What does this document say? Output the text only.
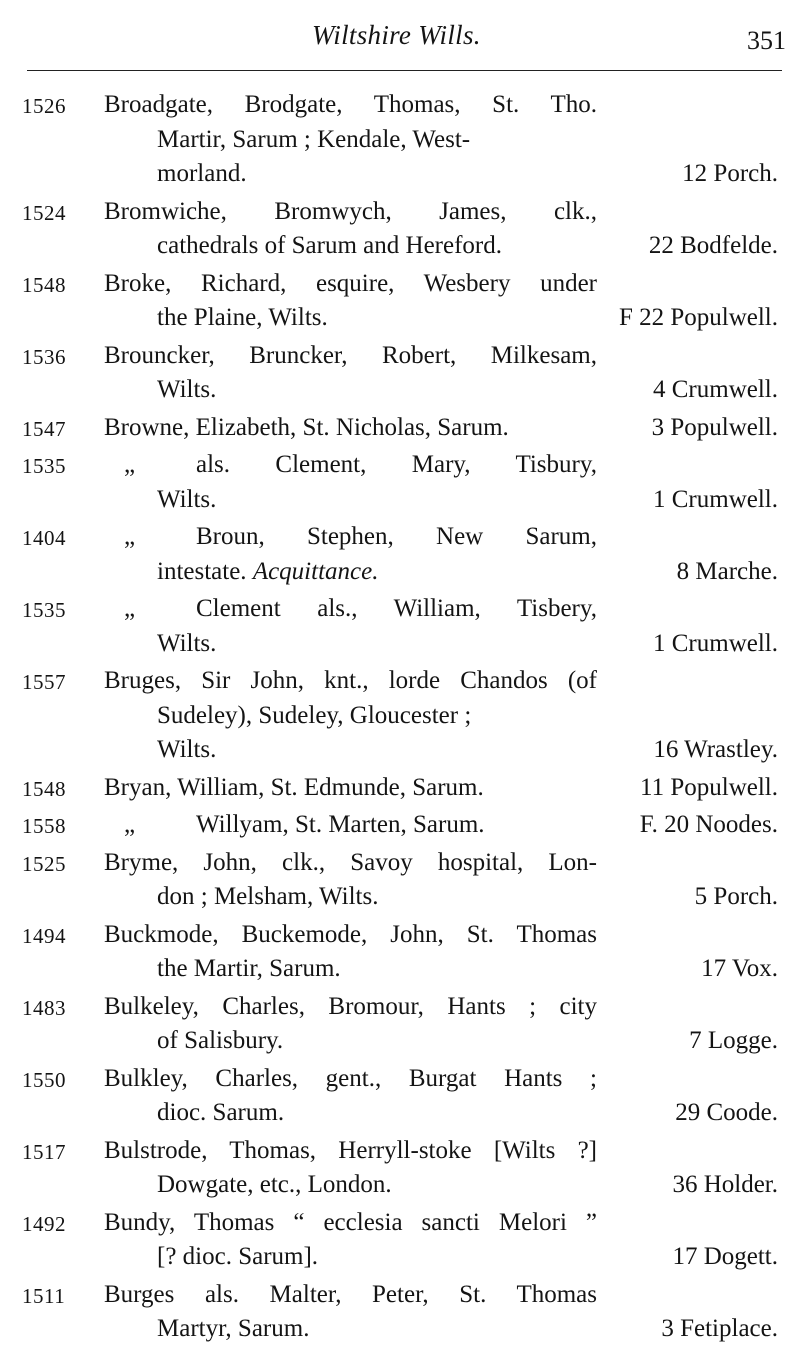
Wiltshire Wills.	351
1526 Broadgate, Brodgate, Thomas, St. Tho.
Martir, Sarum ; Kendale, West-
morland.	12 Porch.
1524 Bromwiche, Bromwych, James, clk.,
cathedrals of Sarum and Hereford.	22 Bodfelde.
1548 Broke, Richard, esquire, Wesbery under
the Plaine, Wilts.	F 22 Populwell.
1536 Brouncker, Bruncker, Robert, Milkesam,
Wilts.	4 Crumwell.
1547 Browne, Elizabeth, St. Nicholas, Sarum.	3 Populwell.
1535	„ als. Clement, Mary, Tisbury,
Wilts.	1 Crumwell.
1404	„ Broun, Stephen, New Sarum,
intestate. Acquittance.	8 Marche.
1535	„ Clement als., William, Tisbery,
Wilts.	1 Crumwell.
1557 Bruges, Sir John, knt., lorde Chandos (of
Sudeley), Sudeley, Gloucester ;
Wilts.	16 Wrastley.
1548 Bryan, William, St. Edmunde, Sarum.	11 Populwell.
1558	„ Willyam, St. Marten, Sarum.	F. 20 Noodes.
1525 Bryme, John, clk., Savoy hospital, Lon-
don ; Melsham, Wilts.	5 Porch.
1494 Buckmode, Buckemode, John, St. Thomas
the Martir, Sarum.	17 Vox.
1483 Bulkeley, Charles, Bromour, Hants ; city
of Salisbury.	7 Logge.
1550 Bulkley, Charles, gent., Burgat Hants ;
dioc. Sarum.	29 Coode.
1517 Bulstrode, Thomas, Herryll-stoke [Wilts ?]
Dowgate, etc., London.	36 Holder.
1492 Bundy, Thomas “ ecclesia sancti Melori ”
[? dioc. Sarum].	17 Dogett.
1511 Burges als. Malter, Peter, St. Thomas
Martyr, Sarum.	3 Fetiplace.
